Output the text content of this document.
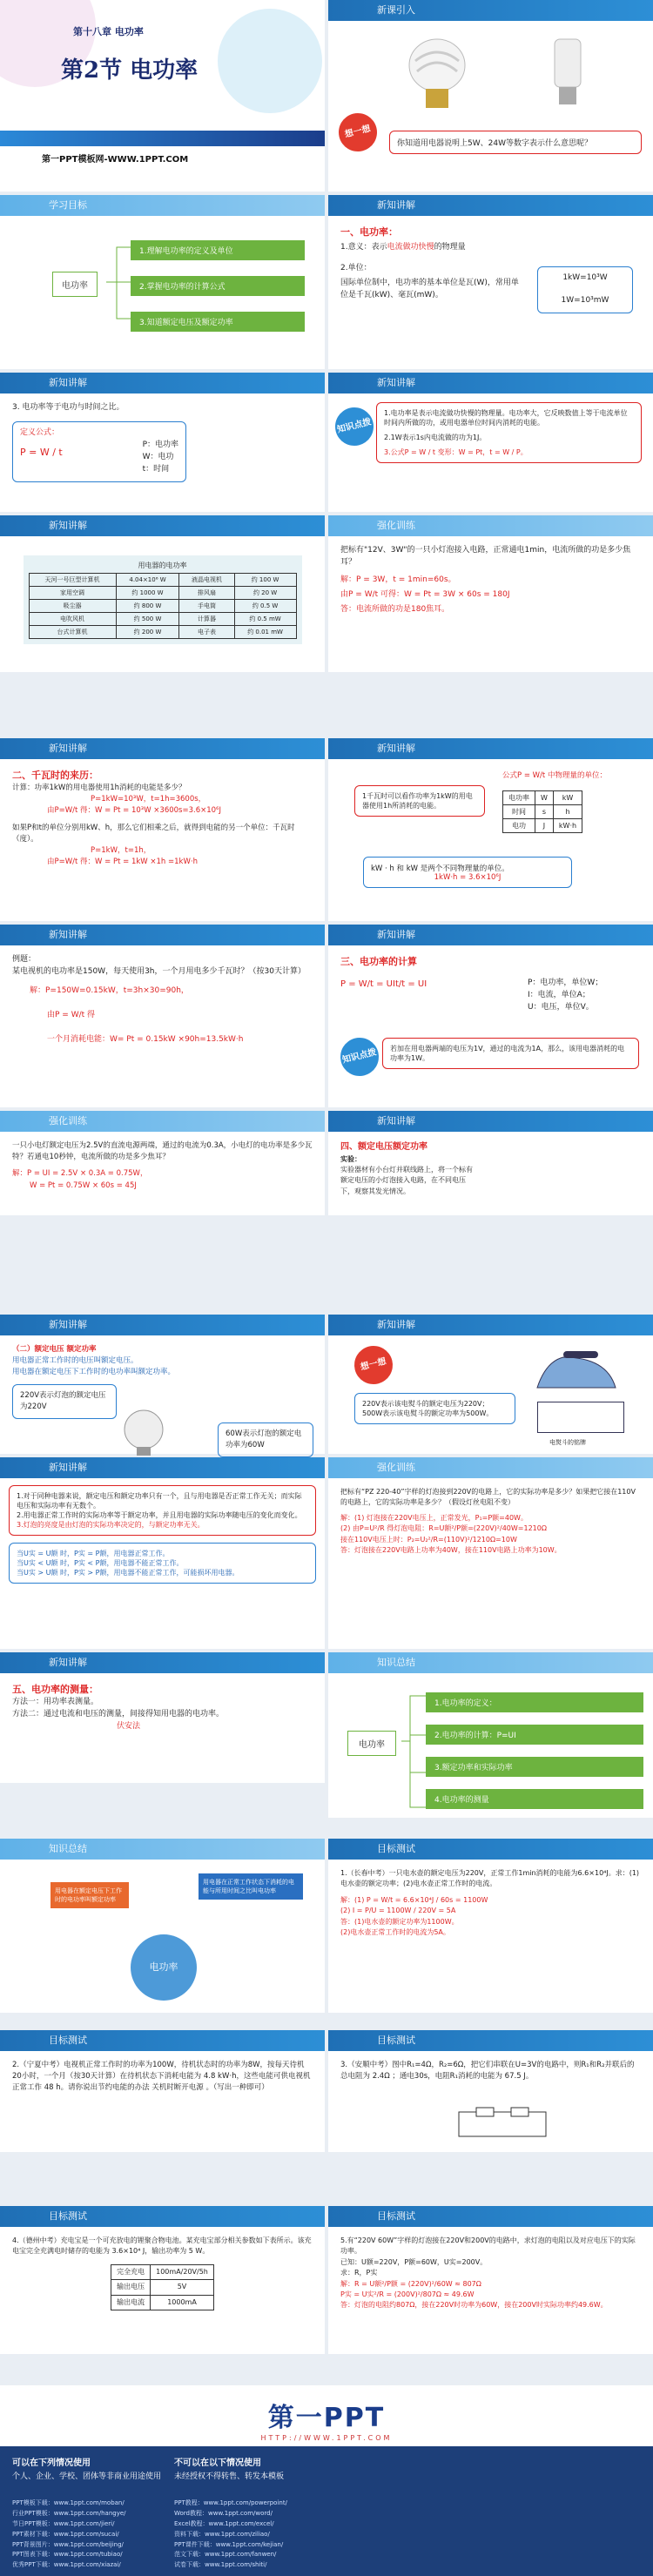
第十八章 电功率
第2节 电功率
第一PPT模板网-WWW.1PPT.COM
新课引入
想一想
你知道用电器说明上5W、24W等数字表示什么意思呢？
学习目标
电功率
1.理解电功率的定义及单位
2.掌握电功率的计算公式
3.知道额定电压及额定功率
新知讲解
一、电功率：
1.意义：表示电流做功快慢的物理量
2.单位：
国际单位制中，电功率的基本单位是瓦(W)，常用单位是千瓦(kW)、毫瓦(mW)。
1kW=10³W
1W=10³mW
新知讲解
3. 电功率等于电功与时间之比。
定义公式：
P = W / t
P：电功率
W：电功
t：时间
新知讲解
知识点拨
1.电功率是表示电流做功快慢的物理量。电功率大，它反映数值上等于电流单位时间内所做的功，或用电器单位时间内消耗的电能。
2.1W表示1s内电流做的功为1J。
3.公式P = W / t 变形：W = Pt，t = W / P。
新知讲解
用电器的电功率
天河一号巨型计算机	4.04×10⁶ W	液晶电视机	约 100 W
家用空调	约 1000 W	排风扇	约 20 W
吸尘器	约 800 W	手电筒	约 0.5 W
电吹风机	约 500 W	计算器	约 0.5 mW
台式计算机	约 200 W	电子表	约 0.01 mW
强化训练
把标有"12V、3W"的一只小灯泡接入电路，正常通电1min，电流所做的功是多少焦耳？
解：P = 3W，t = 1min=60s。
由P = W/t 可得：W = Pt = 3W × 60s = 180J
答：电流所做的功是180焦耳。
新知讲解
二、千瓦时的来历：
计算：功率1kW的用电器使用1h消耗的电能是多少？
P=1kW=10³W，t=1h=3600s，
由P=W/t 得：W = Pt = 10³W ×3600s=3.6×10⁶J
如果P和t的单位分别用kW、h，那么它们相乘之后，就得到电能的另一个单位：千瓦时（度）。
P=1kW，t=1h，
由P=W/t 得：W = Pt = 1kW ×1h =1kW·h
新知讲解
公式P = W/t 中物理量的单位：
1千瓦时可以看作功率为1kW的用电器使用1h所消耗的电能。
电功率	W	kW
时间	s	h
电功	J	kW·h
kW · h 和 kW 是两个不同物理量的单位。
1kW·h = 3.6×10⁶J
新知讲解
例题：
某电视机的电功率是150W，每天使用3h，一个月用电多少千瓦时？（按30天计算）
解：P=150W=0.15kW，t=3h×30=90h，
由P = W/t 得
一个月消耗电能：W= Pt = 0.15kW ×90h=13.5kW·h
新知讲解
三、电功率的计算
P = W/t = UIt/t = UI	P：电功率，单位W；
I：电流，单位A；
U：电压，单位V。
知识点拨	若加在用电器两端的电压为1V，通过的电流为1A，那么，该用电器消耗的电功率为1W。
强化训练
一只小电灯额定电压为2.5V的直流电源两端，通过的电流为0.3A，小电灯的电功率是多少瓦特？若通电10秒钟，电流所做的功是多少焦耳？
解：P = UI = 2.5V × 0.3A = 0.75W，
W = Pt = 0.75W × 60s = 45J
新知讲解
四、额定电压额定功率
实验：
实验器材有小台灯并联线路上，将一个标有额定电压的小灯泡接入电路，在不同电压下，观察其发光情况。
新知讲解
（二）额定电压 额定功率
用电器正常工作时的电压叫额定电压。
用电器在额定电压下工作时的电功率叫额定功率。
220V表示灯泡的额定电压为220V
60W表示灯泡的额定电功率为60W
新知讲解
想一想
220V表示该电熨斗的额定电压为220V；
500W表示该电熨斗的额定功率为500W。
电熨斗的铭牌
新知讲解
1.对于同种电器来说，额定电压和额定功率只有一个，且与用电器是否正常工作无关；而实际电压和实际功率有无数个。
2.用电器正常工作时的实际功率等于额定功率，并且用电器的实际功率随电压的变化而变化。
3.灯泡的亮度是由灯泡的实际功率决定的，与额定功率无关。
当U实 = U额 时，P实 = P额，用电器正常工作。
当U实 < U额 时，P实 < P额，用电器不能正常工作。
当U实 > U额 时，P实 > P额，用电器不能正常工作，可能损坏用电器。
强化训练
把标有“PZ 220-40”字样的灯泡接到220V的电路上，它的实际功率是多少？如果把它接在110V的电路上，它的实际功率是多少？（假设灯丝电阻不变）
解：(1) 灯泡接在220V电压上，正常发光，P₁=P额=40W。
(2) 由P=U²/R 得灯泡电阻：R=U额²/P额=(220V)²/40W=1210Ω
接在110V电压上时：P₂=U₂²/R=(110V)²/1210Ω=10W
答：灯泡接在220V电路上功率为40W，接在110V电路上功率为10W。
新知讲解
五、电功率的测量：
方法一：用功率表测量。
方法二：通过电流和电压的测量，间接得知用电器的电功率。
伏安法
知识总结
电功率
1.电功率的定义：
2.电功率的计算：P=UI
3.额定功率和实际功率
4.电功率的测量
知识总结
电功率
用电器在额定电压下工作时的电功率叫额定功率
用电器在正常工作状态下消耗的电能与所用时间之比叫电功率
目标测试
1.（长春中考）一只电水壶的额定电压为220V，正常工作1min消耗的电能为6.6×10⁴J。求：(1)电水壶的额定功率；(2)电水壶正常工作时的电流。
解：(1) P = W/t = 6.6×10⁴J / 60s = 1100W
(2) I = P/U = 1100W / 220V = 5A
答：(1)电水壶的额定功率为1100W。
(2)电水壶正常工作时的电流为5A。
目标测试
2.（宁夏中考）电视机正常工作时的功率为100W，待机状态时的功率为8W，按每天待机20小时，一个月（按30天计算）在待机状态下消耗电能为 4.8 kW·h，这些电能可供电视机正常工作 48 h。请你说出节约电能的办法 关机时断开电源 。（写出一种即可）
目标测试
3.（安顺中考）图中R₁=4Ω，R₂=6Ω，把它们串联在U=3V的电路中，则R₁和R₂并联后的总电阻为 2.4Ω ；通电30s，电阻R₁消耗的电能为 67.5 J。
目标测试
4.（德州中考）充电宝是一个可充放电的锂聚合物电池。某充电宝部分相关参数如下表所示。该充电宝完全充满电时储存的电能为 3.6×10⁴ J，输出功率为 5 W。
完全充电	100mA/20V/5h
输出电压	5V
输出电流	1000mA
目标测试
5.有“220V 60W”字样的灯泡接在220V和200V的电路中，求灯泡的电阻以及对应电压下的实际功率。
已知：U额=220V，P额=60W，U实=200V。
求：R，P实
解：R = U额²/P额 = (220V)²/60W ≈ 807Ω
P实 = U实²/R = (200V)²/807Ω ≈ 49.6W
答：灯泡的电阻约807Ω，接在220V时功率为60W，接在200V时实际功率约49.6W。
第一PPT
HTTP://WWW.1PPT.COM
可以在下列情况使用
个人、企业、学校、团体等非商业用途使用
不可以在以下情况使用
未经授权不得转售、转发本模板
PPT模板下载：www.1ppt.com/moban/
行业PPT模板：www.1ppt.com/hangye/
节日PPT模板：www.1ppt.com/jieri/
PPT素材下载：www.1ppt.com/sucai/
PPT背景图片：www.1ppt.com/beijing/
PPT图表下载：www.1ppt.com/tubiao/
优秀PPT下载：www.1ppt.com/xiazai/
PPT教程：www.1ppt.com/powerpoint/
Word教程：www.1ppt.com/word/
Excel教程：www.1ppt.com/excel/
资料下载：www.1ppt.com/ziliao/
PPT课件下载：www.1ppt.com/kejian/
范文下载：www.1ppt.com/fanwen/
试卷下载：www.1ppt.com/shiti/
